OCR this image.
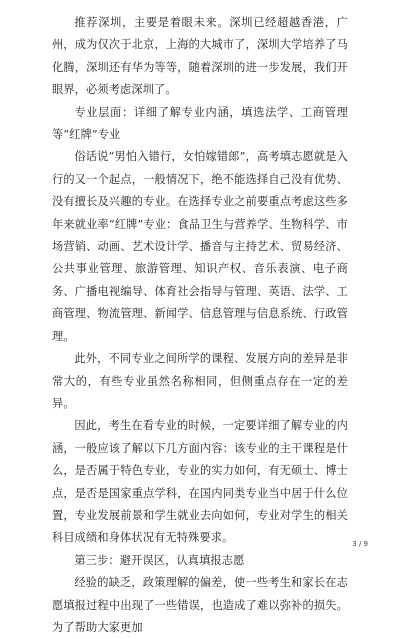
推荐深圳，主要是着眼未来。深圳已经超越香港，广州，成为仅次于北京，上海的大城市了，深圳大学培养了马化腾，深圳还有华为等等，随着深圳的进一步发展，我们开眼界，必须考虑深圳了。

专业层面：详细了解专业内涵，填选法学、工商管理等“红牌”专业

俗话说“男怕入错行，女怕嫁错郎”，高考填志愿就是入行的又一个起点，一般情况下，绝不能选择自己没有优势、没有擅长及兴趣的专业。在选择专业之前要重点考虑这些多年来就业率“红牌”专业：食品卫生与营养学、生物科学、市场营销、动画、艺术设计学、播音与主持艺术、贸易经济、公共事业管理、旅游管理、知识产权、音乐表演、电子商务、广播电视编导、体育社会指导与管理、英语、法学、工商管理、物流管理、新闻学、信息管理与信息系统、行政管理。

此外，不同专业之间所学的课程、发展方向的差异是非常大的，有些专业虽然名称相同，但侧重点存在一定的差异。

因此，考生在看专业的时候，一定要详细了解专业的内涵，一般应该了解以下几方面内容：该专业的主干课程是什么，是否属于特色专业，专业的实力如何，有无硕士、博士点，是否是国家重点学科，在国内同类专业当中居于什么位置，专业发展前景和学生就业去向如何，专业对学生的相关科目成绩和身体状况有无特殊要求。

第三步：避开误区，认真填报志愿

经验的缺乏，政策理解的偏差，使一些考生和家长在志愿填报过程中出现了一些错误，也造成了难以弥补的损失。为了帮助大家更加

3 / 9
